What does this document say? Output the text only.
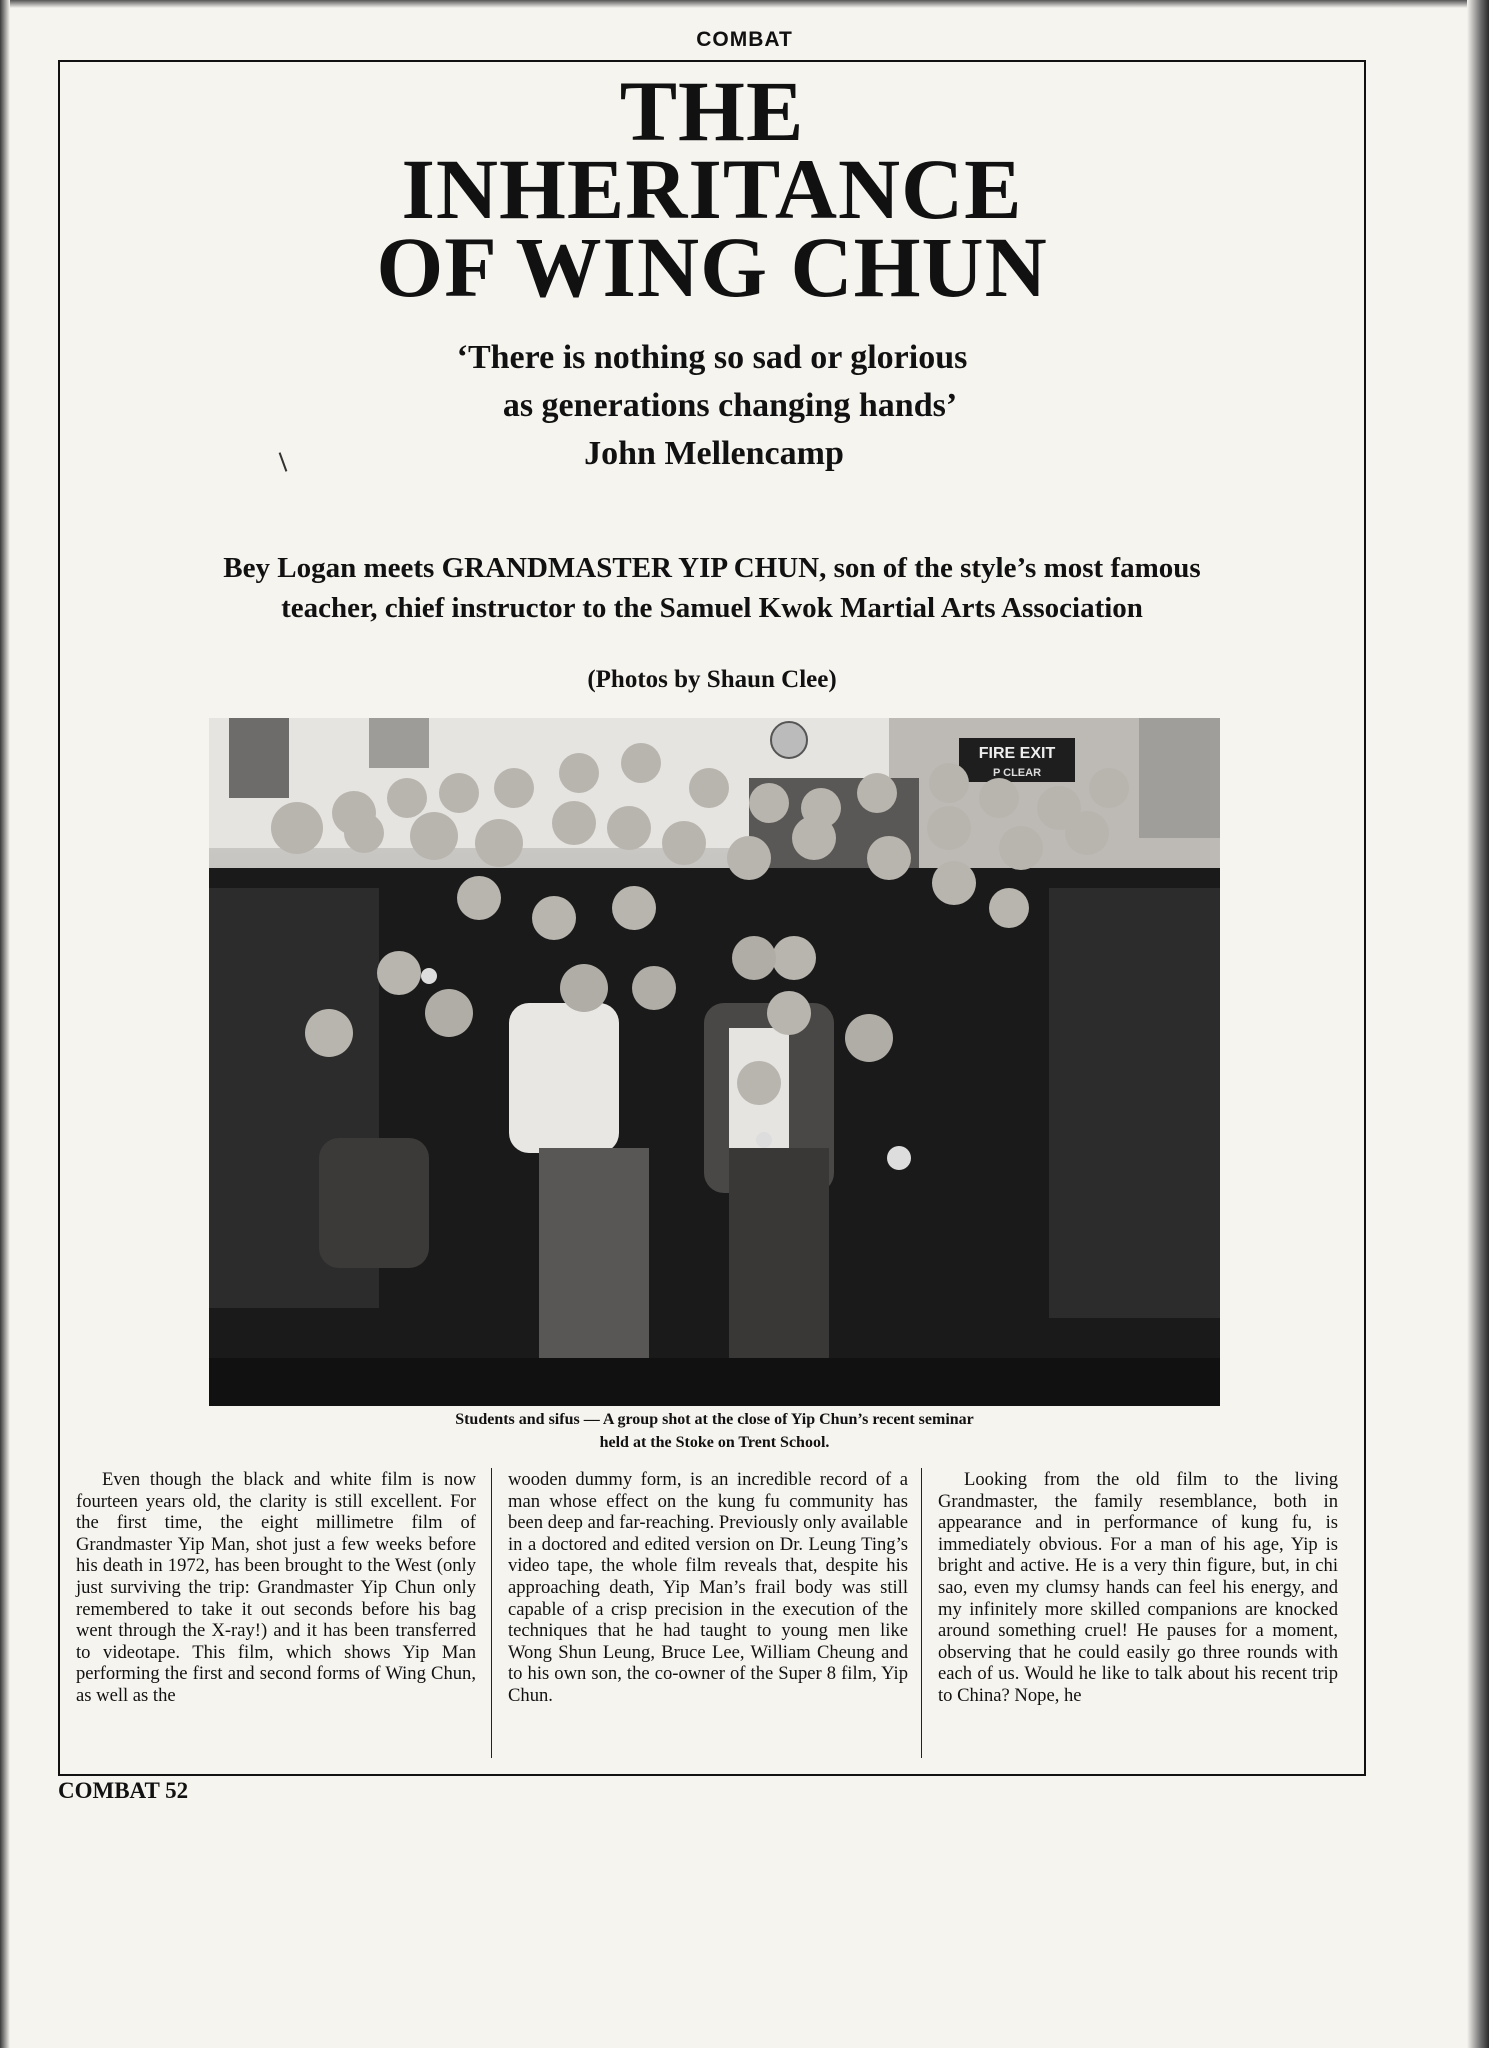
COMBAT
THE
INHERITANCE
OF WING CHUN
‘There is nothing so sad or glorious
as generations changing hands’
John Mellencamp
Bey Logan meets GRANDMASTER YIP CHUN, son of the style’s most famous
teacher, chief instructor to the Samuel Kwok Martial Arts Association
(Photos by Shaun Clee)
FIRE EXIT
P CLEAR
Students and sifus — A group shot at the close of Yip Chun’s recent seminar
held at the Stoke on Trent School.

Even though the black and white film is now fourteen years old, the clarity is still excellent. For the first time, the eight millimetre film of Grandmaster Yip Man, shot just a few weeks before his death in 1972, has been brought to the West (only just surviving the trip: Grandmaster Yip Chun only remembered to take it out seconds before his bag went through the X-ray!) and it has been transferred to videotape. This film, which shows Yip Man performing the first and second forms of Wing Chun, as well as the

wooden dummy form, is an incredible record of a man whose effect on the kung fu community has been deep and far-reaching. Previously only available in a doctored and edited version on Dr. Leung Ting’s video tape, the whole film reveals that, despite his approaching death, Yip Man’s frail body was still capable of a crisp precision in the execution of the techniques that he had taught to young men like Wong Shun Leung, Bruce Lee, William Cheung and to his own son, the co-owner of the Super 8 film, Yip Chun.

Looking from the old film to the living Grandmaster, the family resemblance, both in appearance and in performance of kung fu, is immediately obvious. For a man of his age, Yip is bright and active. He is a very thin figure, but, in chi sao, even my clumsy hands can feel his energy, and my infinitely more skilled companions are knocked around something cruel! He pauses for a moment, observing that he could easily go three rounds with each of us. Would he like to talk about his recent trip to China? Nope, he

COMBAT 52
